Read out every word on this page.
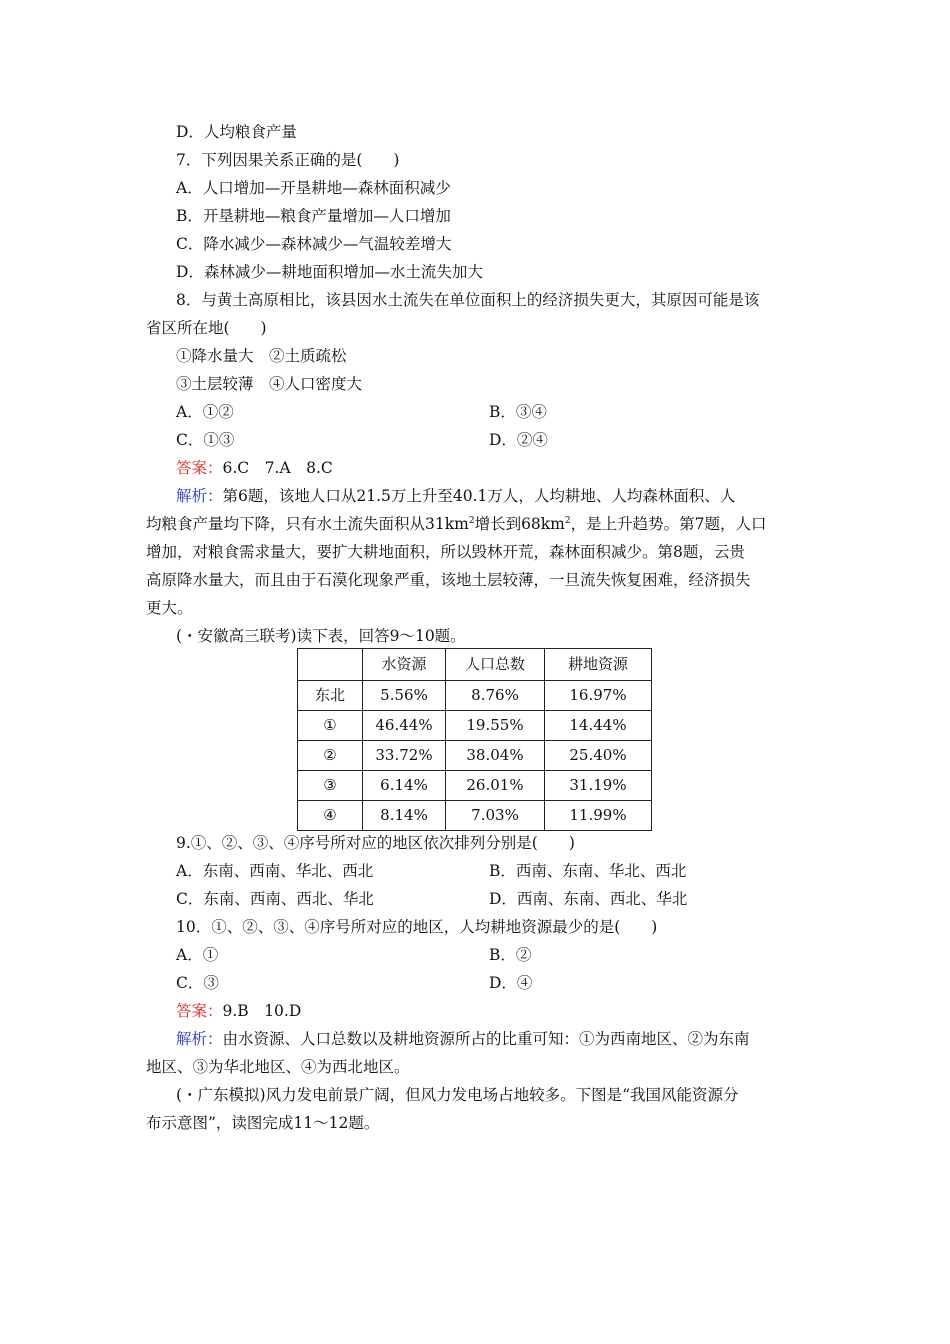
D．人均粮食产量
7．下列因果关系正确的是(　　)
A．人口增加—开垦耕地—森林面积减少
B．开垦耕地—粮食产量增加—人口增加
C．降水减少—森林减少—气温较差增大
D．森林减少—耕地面积增加—水土流失加大
8．与黄土高原相比，该县因水土流失在单位面积上的经济损失更大，其原因可能是该
省区所在地(　　)
①降水量大　②土质疏松
③土层较薄　④人口密度大
A．①②	B．③④
C．①③	D．②④
答案：6.C　7.A　8.C
解析：第6题，该地人口从21.5万上升至40.1万人，人均耕地、人均森林面积、人
均粮食产量均下降，只有水土流失面积从$31km^2$增长到$68km^2$，是上升趋势。第7题，人口
增加，对粮食需求量大，要扩大耕地面积，所以毁林开荒，森林面积减少。第8题，云贵
高原降水量大，而且由于石漠化现象严重，该地土层较薄，一旦流失恢复困难，经济损失
更大。
(・安徽高三联考)读下表，回答9～10题。
	水资源	人口总数	耕地资源
东北	5.56%	8.76%	16.97%
①	46.44%	19.55%	14.44%
②	33.72%	38.04%	25.40%
③	6.14%	26.01%	31.19%
④	8.14%	7.03%	11.99%
9.①、②、③、④序号所对应的地区依次排列分别是(　　)
A．东南、西南、华北、西北	B．西南、东南、华北、西北
C．东南、西南、西北、华北	D．西南、东南、西北、华北
10．①、②、③、④序号所对应的地区，人均耕地资源最少的是(　　)
A．①	B．②
C．③	D．④
答案：9.B　10.D
解析：由水资源、人口总数以及耕地资源所占的比重可知：①为西南地区、②为东南
地区、③为华北地区、④为西北地区。
(・广东模拟)风力发电前景广阔，但风力发电场占地较多。下图是“我国风能资源分
布示意图”，读图完成11～12题。
